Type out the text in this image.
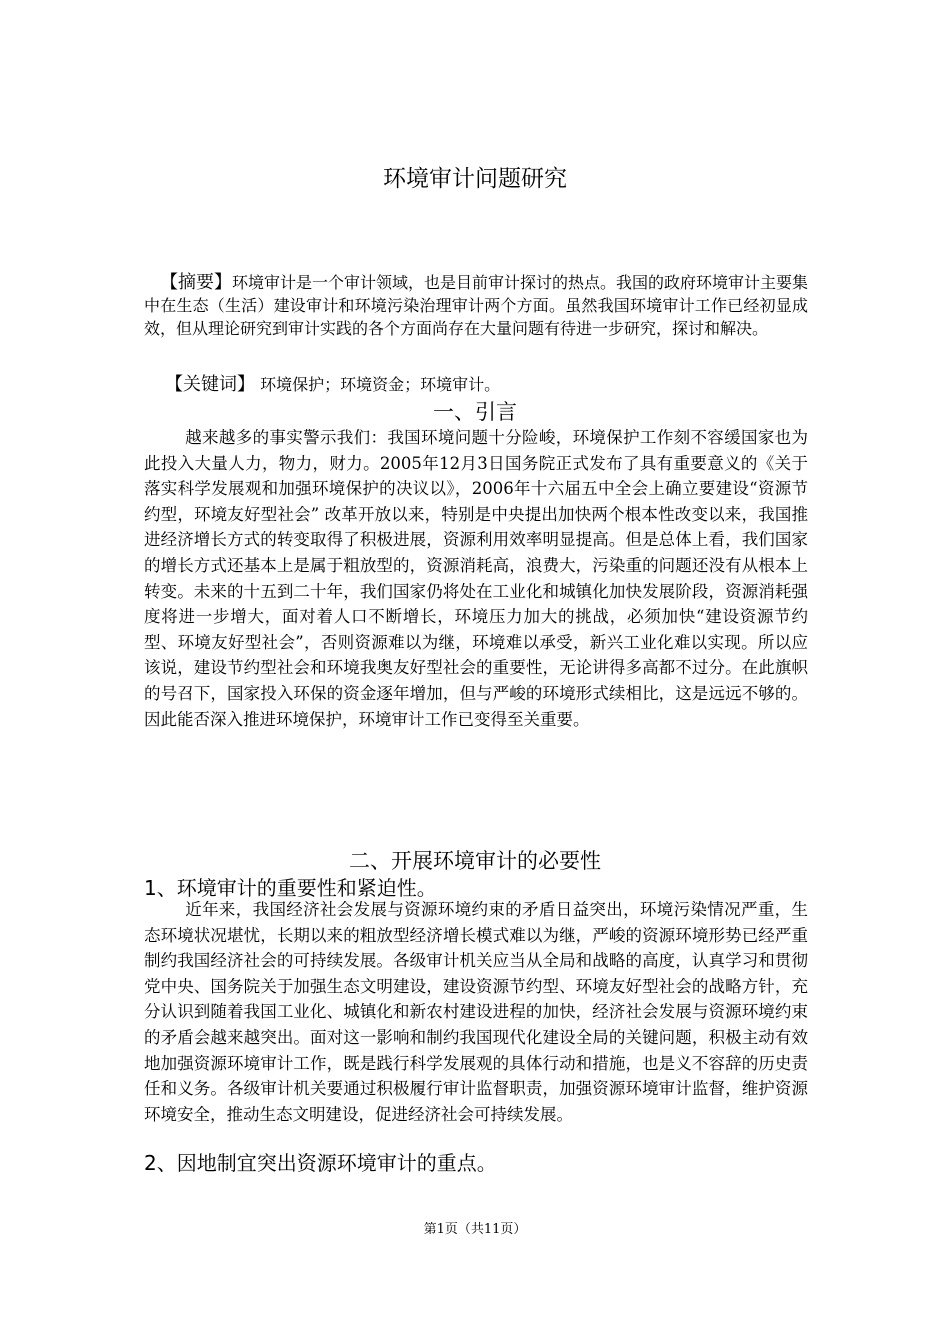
环境审计问题研究
【摘要】环境审计是一个审计领域，也是目前审计探讨的热点。我国的政府环境审计主要集中在生态（生活）建设审计和环境污染治理审计两个方面。虽然我国环境审计工作已经初显成效，但从理论研究到审计实践的各个方面尚存在大量问题有待进一步研究，探讨和解决。
【关键词】 环境保护；环境资金；环境审计。
一、引言
越来越多的事实警示我们：我国环境问题十分险峻，环境保护工作刻不容缓国家也为此投入大量人力，物力，财力。2005年12月3日国务院正式发布了具有重要意义的《关于落实科学发展观和加强环境保护的决议以》，2006年十六届五中全会上确立要建设“资源节约型，环境友好型社会” 改革开放以来，特别是中央提出加快两个根本性改变以来，我国推进经济增长方式的转变取得了积极进展，资源利用效率明显提高。但是总体上看，我们国家的增长方式还基本上是属于粗放型的，资源消耗高，浪费大，污染重的问题还没有从根本上转变。未来的十五到二十年，我们国家仍将处在工业化和城镇化加快发展阶段，资源消耗强度将进一步增大，面对着人口不断增长，环境压力加大的挑战，必须加快“建设资源节约型、环境友好型社会”，否则资源难以为继，环境难以承受，新兴工业化难以实现。所以应该说，建设节约型社会和环境我奥友好型社会的重要性，无论讲得多高都不过分。在此旗帜的号召下，国家投入环保的资金逐年增加，但与严峻的环境形式续相比，这是远远不够的。因此能否深入推进环境保护，环境审计工作已变得至关重要。
二、开展环境审计的必要性
1、环境审计的重要性和紧迫性。
近年来，我国经济社会发展与资源环境约束的矛盾日益突出，环境污染情况严重，生态环境状况堪忧，长期以来的粗放型经济增长模式难以为继，严峻的资源环境形势已经严重制约我国经济社会的可持续发展。各级审计机关应当从全局和战略的高度，认真学习和贯彻党中央、国务院关于加强生态文明建设，建设资源节约型、环境友好型社会的战略方针，充分认识到随着我国工业化、城镇化和新农村建设进程的加快，经济社会发展与资源环境约束的矛盾会越来越突出。面对这一影响和制约我国现代化建设全局的关键问题，积极主动有效地加强资源环境审计工作，既是践行科学发展观的具体行动和措施，也是义不容辞的历史责任和义务。各级审计机关要通过积极履行审计监督职责，加强资源环境审计监督，维护资源环境安全，推动生态文明建设，促进经济社会可持续发展。
2、因地制宜突出资源环境审计的重点。
第1页（共11页）
